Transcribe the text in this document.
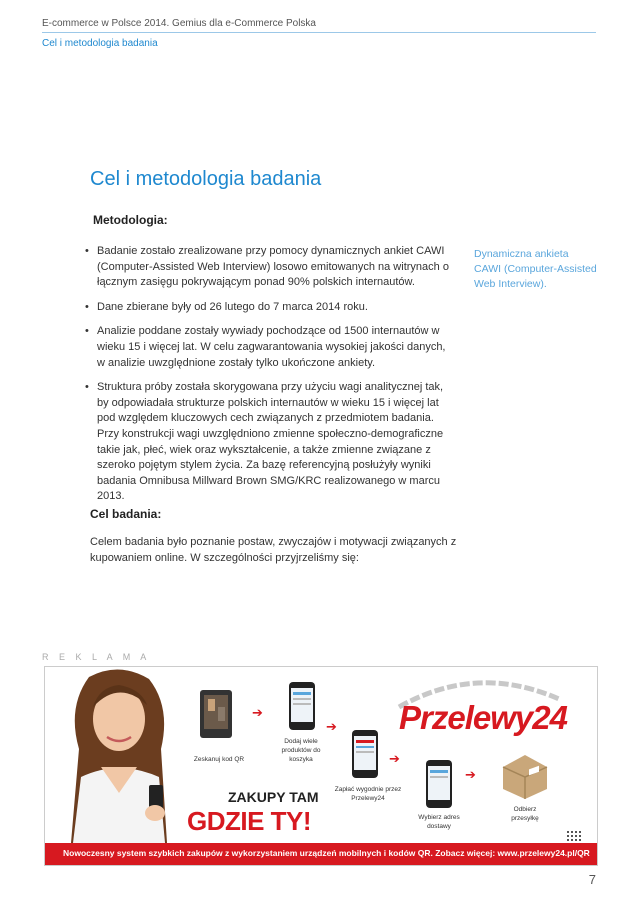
E-commerce w Polsce 2014. Gemius dla e-Commerce Polska
Cel i metodologia badania
Cel i metodologia badania
Metodologia:
• Badanie zostało zrealizowane przy pomocy dynamicznych ankiet CAWI (Computer-Assisted Web Interview) losowo emitowanych na witrynach o łącznym zasięgu pokrywającym ponad 90% polskich internautów.
• Dane zbierane były od 26 lutego do 7 marca 2014 roku.
• Analizie poddane zostały wywiady pochodzące od 1500 internautów w wieku 15 i więcej lat. W celu zagwarantowania wysokiej jakości danych, w analizie uwzględnione zostały tylko ukończone ankiety.
• Struktura próby została skorygowana przy użyciu wagi analitycznej tak, by odpowiadała strukturze polskich internautów w wieku 15 i więcej lat pod względem kluczowych cech związanych z przedmiotem badania. Przy konstrukcji wagi uwzględniono zmienne społeczno-demograficzne takie jak, płeć, wiek oraz wykształcenie, a także zmienne związane z szeroko pojętym stylem życia. Za bazę referencyjną posłużyły wyniki badania Omnibusa Millward Brown SMG/KRC realizowanego w marcu 2013.
Dynamiczna ankieta CAWI (Computer-Assisted Web Interview).
Cel badania:
Celem badania było poznanie postaw, zwyczajów i motywacji związanych z kupowaniem online. W szczególności przyjrzeliśmy się:
R E K L A M A
Przelewy24
Zeskanuj kod QR
➔
Dodaj wiele produktów do koszyka
➔
Zapłać wygodnie przez Przelewy24
➔
Wybierz adres dostawy
➔
Odbierz przesyłkę
ZAKUPY TAM
GDZIE TY!
Nowoczesny system szybkich zakupów z wykorzystaniem urządzeń mobilnych i kodów QR. Zobacz więcej: www.przelewy24.pl/QR
7
